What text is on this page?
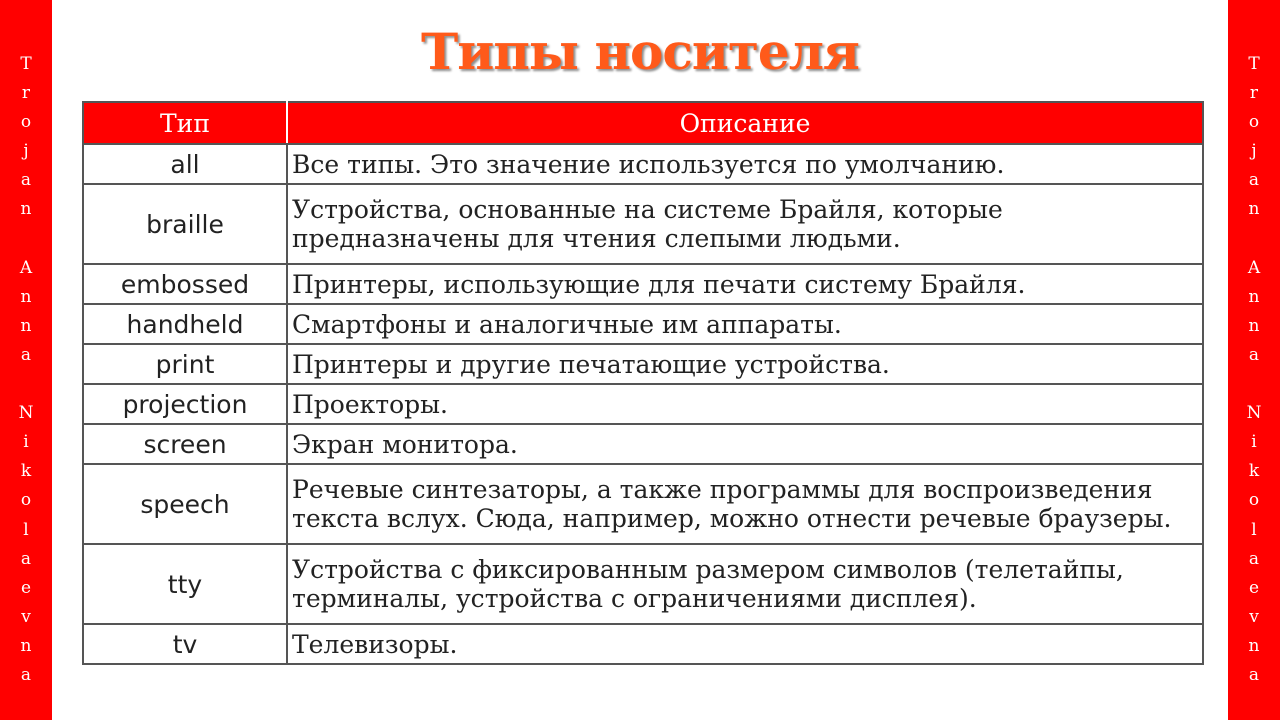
T
r
o
j
a
n
A
n
n
a
N
i
k
o
l
a
e
v
n
a
T
r
o
j
a
n
A
n
n
a
N
i
k
o
l
a
e
v
n
a
Типы носителя
Тип	Описание
all	Все типы. Это значение используется по умолчанию.
braille	Устройства, основанные на системе Брайля, которые предназначены для чтения слепыми людьми.
embossed	Принтеры, использующие для печати систему Брайля.
handheld	Смартфоны и аналогичные им аппараты.
print	Принтеры и другие печатающие устройства.
projection	Проекторы.
screen	Экран монитора.
speech	Речевые синтезаторы, а также программы для воспроизведения текста вслух. Сюда, например, можно отнести речевые браузеры.
tty	Устройства с фиксированным размером символов (телетайпы, терминалы, устройства с ограничениями дисплея).
tv	Телевизоры.
